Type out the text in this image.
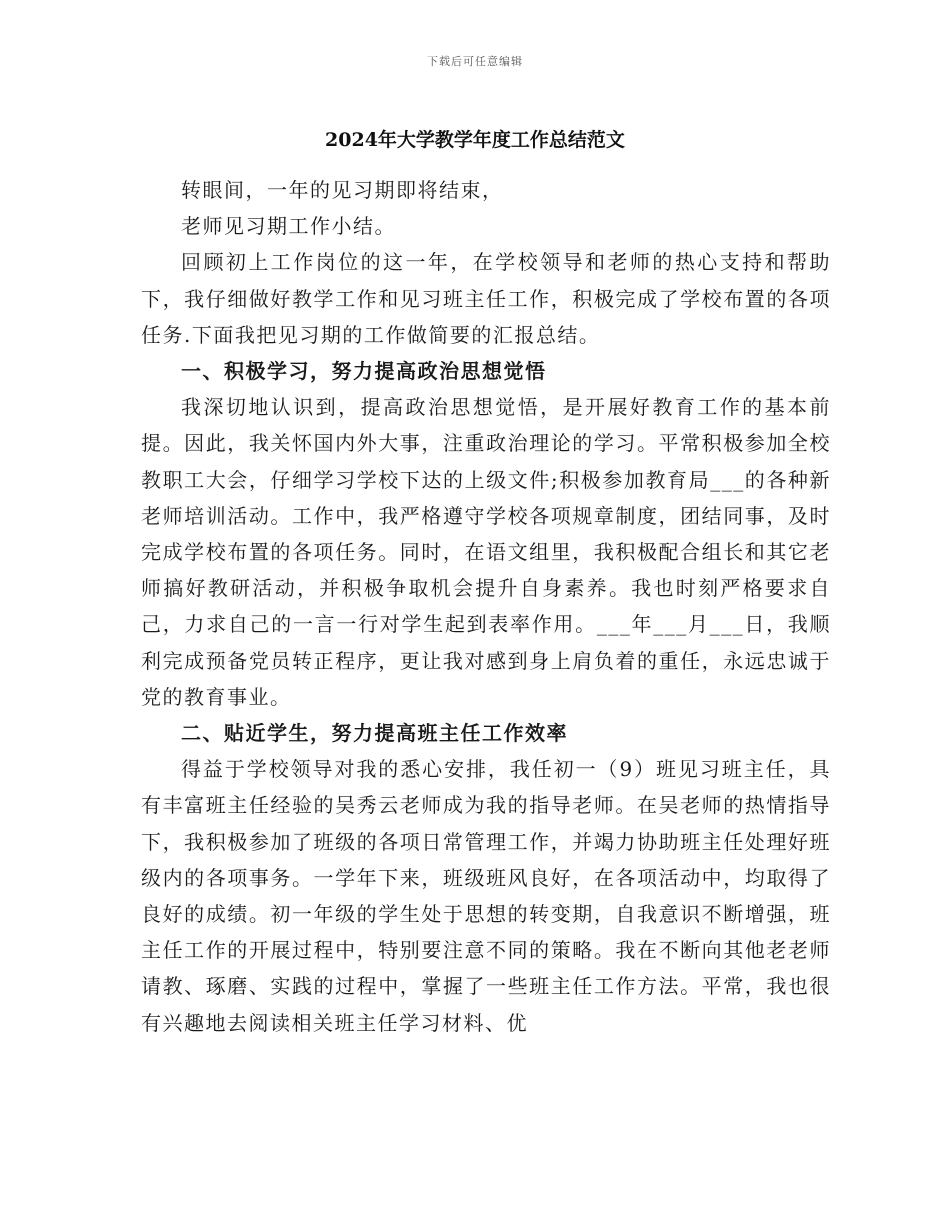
下载后可任意编辑
2024年大学教学年度工作总结范文

转眼间，一年的见习期即将结束，

老师见习期工作小结。

回顾初上工作岗位的这一年，在学校领导和老师的热心支持和帮助下，我仔细做好教学工作和见习班主任工作，积极完成了学校布置的各项任务.下面我把见习期的工作做简要的汇报总结。

一、积极学习，努力提高政治思想觉悟

我深切地认识到，提高政治思想觉悟，是开展好教育工作的基本前提。因此，我关怀国内外大事，注重政治理论的学习。平常积极参加全校教职工大会，仔细学习学校下达的上级文件;积极参加教育局___的各种新老师培训活动。工作中，我严格遵守学校各项规章制度，团结同事，及时完成学校布置的各项任务。同时，在语文组里，我积极配合组长和其它老师搞好教研活动，并积极争取机会提升自身素养。我也时刻严格要求自己，力求自己的一言一行对学生起到表率作用。___年___月___日，我顺利完成预备党员转正程序，更让我对感到身上肩负着的重任，永远忠诚于党的教育事业。

二、贴近学生，努力提高班主任工作效率

得益于学校领导对我的悉心安排，我任初一（9）班见习班主任，具有丰富班主任经验的吴秀云老师成为我的指导老师。在吴老师的热情指导下，我积极参加了班级的各项日常管理工作，并竭力协助班主任处理好班级内的各项事务。一学年下来，班级班风良好，在各项活动中，均取得了良好的成绩。初一年级的学生处于思想的转变期，自我意识不断增强，班主任工作的开展过程中，特别要注意不同的策略。我在不断向其他老老师请教、琢磨、实践的过程中，掌握了一些班主任工作方法。平常，我也很有兴趣地去阅读相关班主任学习材料、优
